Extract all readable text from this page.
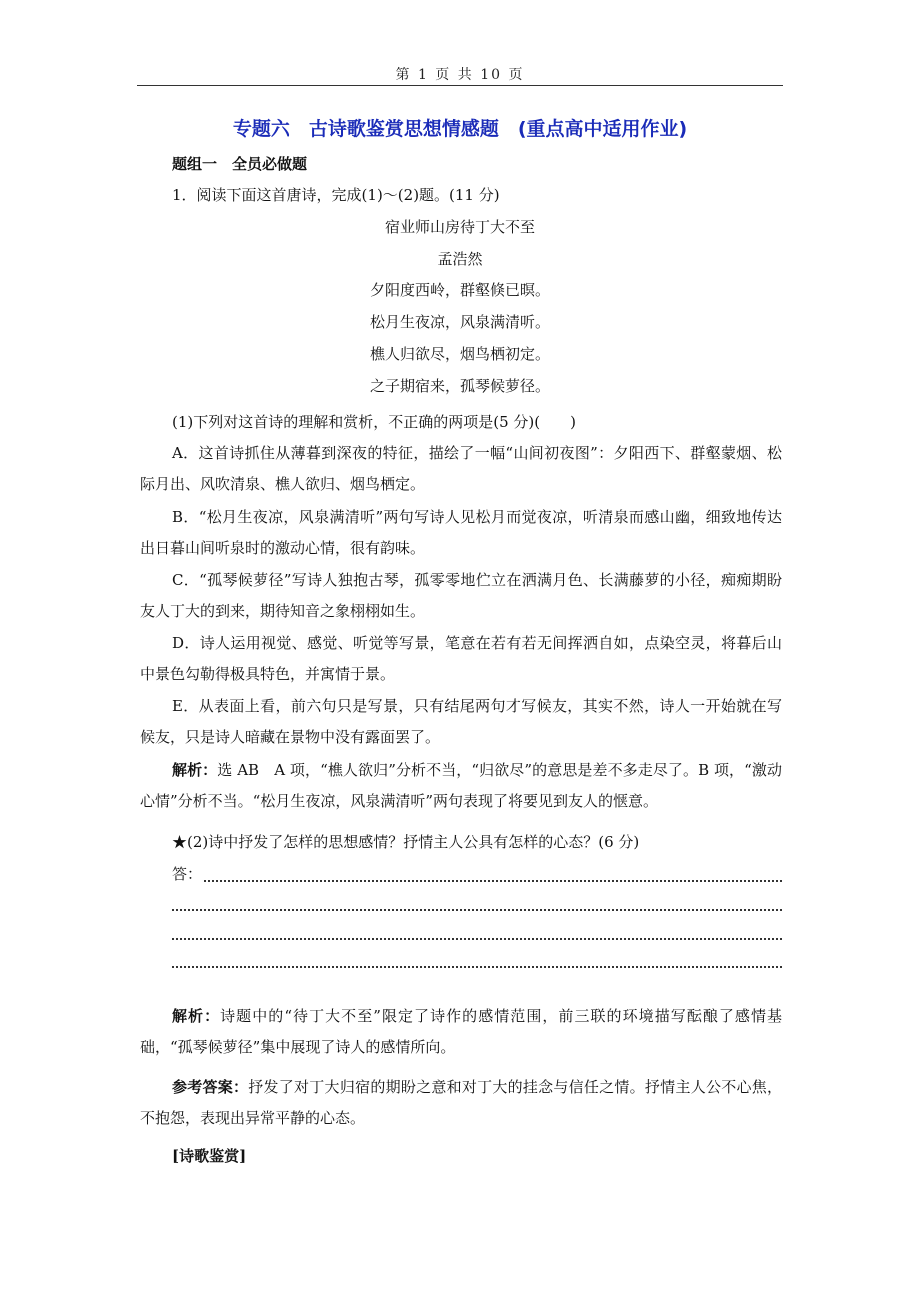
第 1 页 共 10 页
专题六　古诗歌鉴赏思想情感题　(重点高中适用作业)
题组一　全员必做题
1．阅读下面这首唐诗，完成(1)～(2)题。(11 分)
宿业师山房待丁大不至
孟浩然
夕阳度西岭，群壑倏已暝。
松月生夜凉，风泉满清听。
樵人归欲尽，烟鸟栖初定。
之子期宿来，孤琴候萝径。
(1)下列对这首诗的理解和赏析，不正确的两项是(5 分)(　　)
A．这首诗抓住从薄暮到深夜的特征，描绘了一幅“山间初夜图”：夕阳西下、群壑蒙烟、松际月出、风吹清泉、樵人欲归、烟鸟栖定。
B．“松月生夜凉，风泉满清听”两句写诗人见松月而觉夜凉，听清泉而感山幽，细致地传达出日暮山间听泉时的激动心情，很有韵味。
C．“孤琴候萝径”写诗人独抱古琴，孤零零地伫立在洒满月色、长满藤萝的小径，痴痴期盼友人丁大的到来，期待知音之象栩栩如生。
D．诗人运用视觉、感觉、听觉等写景，笔意在若有若无间挥洒自如，点染空灵，将暮后山中景色勾勒得极具特色，并寓情于景。
E．从表面上看，前六句只是写景，只有结尾两句才写候友，其实不然，诗人一开始就在写候友，只是诗人暗藏在景物中没有露面罢了。
解析：选 AB　A 项，“樵人欲归”分析不当，“归欲尽”的意思是差不多走尽了。B 项，“激动心情”分析不当。“松月生夜凉，风泉满清听”两句表现了将要见到友人的惬意。
★(2)诗中抒发了怎样的思想感情？抒情主人公具有怎样的心态？(6 分)
答：
解析：诗题中的“待丁大不至”限定了诗作的感情范围，前三联的环境描写酝酿了感情基础，“孤琴候萝径”集中展现了诗人的感情所向。
参考答案：抒发了对丁大归宿的期盼之意和对丁大的挂念与信任之情。抒情主人公不心焦，不抱怨，表现出异常平静的心态。
[诗歌鉴赏]
